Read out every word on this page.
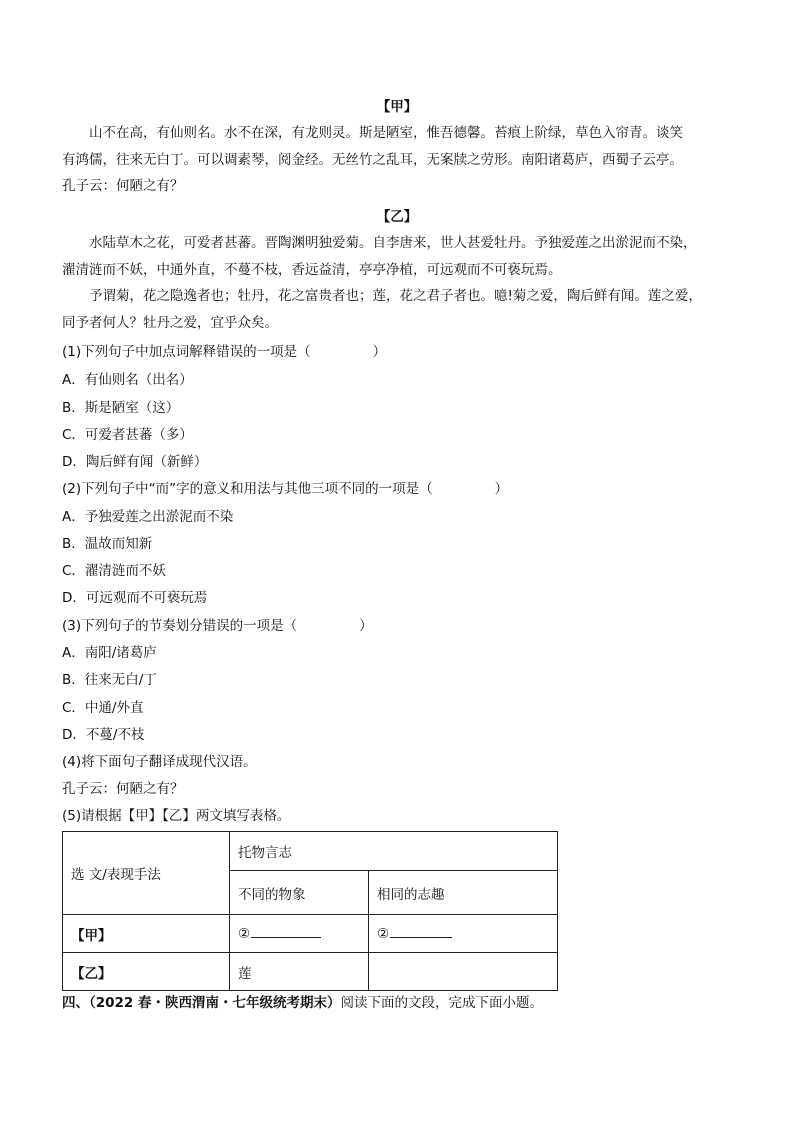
【甲】
山不在高，有仙则名。水不在深，有龙则灵。斯是陋室，惟吾德馨。苔痕上阶绿，草色入帘青。谈笑
有鸿儒，往来无白丁。可以调素琴，阅金经。无丝竹之乱耳，无案牍之劳形。南阳诸葛庐，西蜀子云亭。
孔子云：何陋之有？
【乙】
水陆草木之花，可爱者甚蕃。晋陶渊明独爱菊。自李唐来，世人甚爱牡丹。予独爱莲之出淤泥而不染，
濯清涟而不妖，中通外直，不蔓不枝，香远益清，亭亭净植，可远观而不可亵玩焉。
予谓菊，花之隐逸者也；牡丹，花之富贵者也；莲，花之君子者也。噫!菊之爱，陶后鲜有闻。莲之爱，
同予者何人？牡丹之爱，宜乎众矣。
(1)下列句子中加点词解释错误的一项是（	）
A．有仙则名（出名）
B．斯是陋室（这）
C．可爱者甚蕃（多）
D．陶后鲜有闻（新鲜）
(2)下列句子中“而”字的意义和用法与其他三项不同的一项是（	）
A．予独爱莲之出淤泥而不染
B．温故而知新
C．濯清涟而不妖
D．可远观而不可亵玩焉
(3)下列句子的节奏划分错误的一项是（	）
A．南阳/诸葛庐
B．往来无白/丁
C．中通/外直
D．不蔓/不枝
(4)将下面句子翻译成现代汉语。
孔子云：何陋之有？
(5)请根据【甲】【乙】两文填写表格。
选 文/表现手法	托物言志	
	不同的物象	相同的志趣
【甲】	②	②
【乙】	莲	
四、（2022 春・陕西渭南・七年级统考期末）阅读下面的文段，完成下面小题。
